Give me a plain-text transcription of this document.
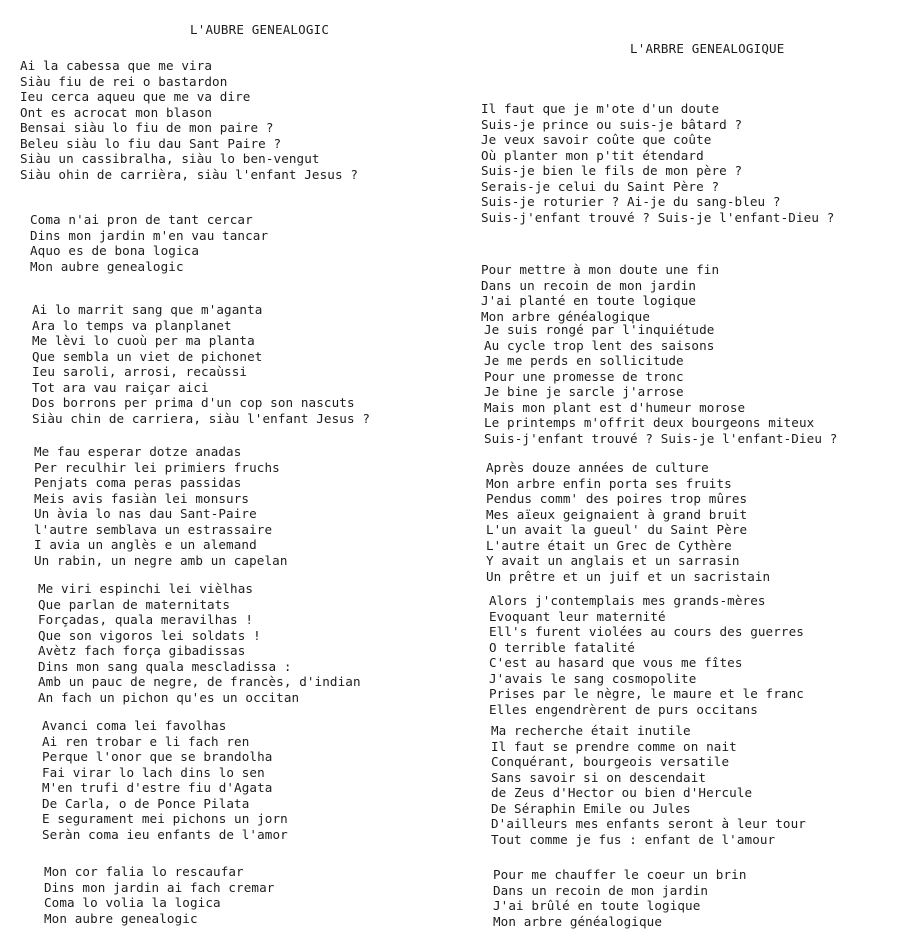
L'AUBRE GENEALOGIC
Ai la cabessa que me vira
Siàu fiu de rei o bastardon
Ieu cerca aqueu que me va dire
Ont es acrocat mon blason
Bensai siàu lo fiu de mon paire ?
Beleu siàu lo fiu dau Sant Paire ?
Siàu un cassibralha, siàu lo ben-vengut
Siàu ohin de carrièra, siàu l'enfant Jesus ?
Coma n'ai pron de tant cercar
Dins mon jardin m'en vau tancar
Aquo es de bona logica
Mon aubre genealogic
Ai lo marrit sang que m'aganta
Ara lo temps va planplanet
Me lèvi lo cuoù per ma planta
Que sembla un viet de pichonet
Ieu saroli, arrosi, recaùssi
Tot ara vau raiçar aici
Dos borrons per prima d'un cop son nascuts
Siàu chin de carriera, siàu l'enfant Jesus ?
Me fau esperar dotze anadas
Per reculhir lei primiers fruchs
Penjats coma peras passidas
Meis avis fasiàn lei monsurs
Un àvia lo nas dau Sant-Paire
l'autre semblava un estrassaire
I avia un anglès e un alemand
Un rabin, un negre amb un capelan
Me viri espinchi lei vièlhas
Que parlan de maternitats
Forçadas, quala meravilhas !
Que son vigoros lei soldats !
Avètz fach força gibadissas
Dins mon sang quala mescladissa :
Amb un pauc de negre, de francès, d'indian
An fach un pichon qu'es un occitan
Avanci coma lei favolhas
Ai ren trobar e li fach ren
Perque l'onor que se brandolha
Fai virar lo lach dins lo sen
M'en trufi d'estre fiu d'Agata
De Carla, o de Ponce Pilata
E segurament mei pichons un jorn
Seràn coma ieu enfants de l'amor
Mon cor falia lo rescaufar
Dins mon jardin ai fach cremar
Coma lo volia la logica
Mon aubre genealogic
L'ARBRE GENEALOGIQUE
Il faut que je m'ote d'un doute
Suis-je prince ou suis-je bâtard ?
Je veux savoir coûte que coûte
Où planter mon p'tit étendard
Suis-je bien le fils de mon père ?
Serais-je celui du Saint Père ?
Suis-je roturier ? Ai-je du sang-bleu ?
Suis-j'enfant trouvé ? Suis-je l'enfant-Dieu ?
Pour mettre à mon doute une fin
Dans un recoin de mon jardin
J'ai planté en toute logique
Mon arbre généalogique
Je suis rongé par l'inquiétude
Au cycle trop lent des saisons
Je me perds en sollicitude
Pour une promesse de tronc
Je bine je sarcle j'arrose
Mais mon plant est d'humeur morose
Le printemps m'offrit deux bourgeons miteux
Suis-j'enfant trouvé ? Suis-je l'enfant-Dieu ?
Après douze années de culture
Mon arbre enfin porta ses fruits
Pendus comm' des poires trop mûres
Mes aïeux geignaient à grand bruit
L'un avait la gueul' du Saint Père
L'autre était un Grec de Cythère
Y avait un anglais et un sarrasin
Un prêtre et un juif et un sacristain
Alors j'contemplais mes grands-mères
Evoquant leur maternité
Ell's furent violées au cours des guerres
O terrible fatalité
C'est au hasard que vous me fîtes
J'avais le sang cosmopolite
Prises par le nègre, le maure et le franc
Elles engendrèrent de purs occitans
Ma recherche était inutile
Il faut se prendre comme on nait
Conquérant, bourgeois versatile
Sans savoir si on descendait
de Zeus d'Hector ou bien d'Hercule
De Séraphin Emile ou Jules
D'ailleurs mes enfants seront à leur tour
Tout comme je fus : enfant de l'amour
Pour me chauffer le coeur un brin
Dans un recoin de mon jardin
J'ai brûlé en toute logique
Mon arbre généalogique
